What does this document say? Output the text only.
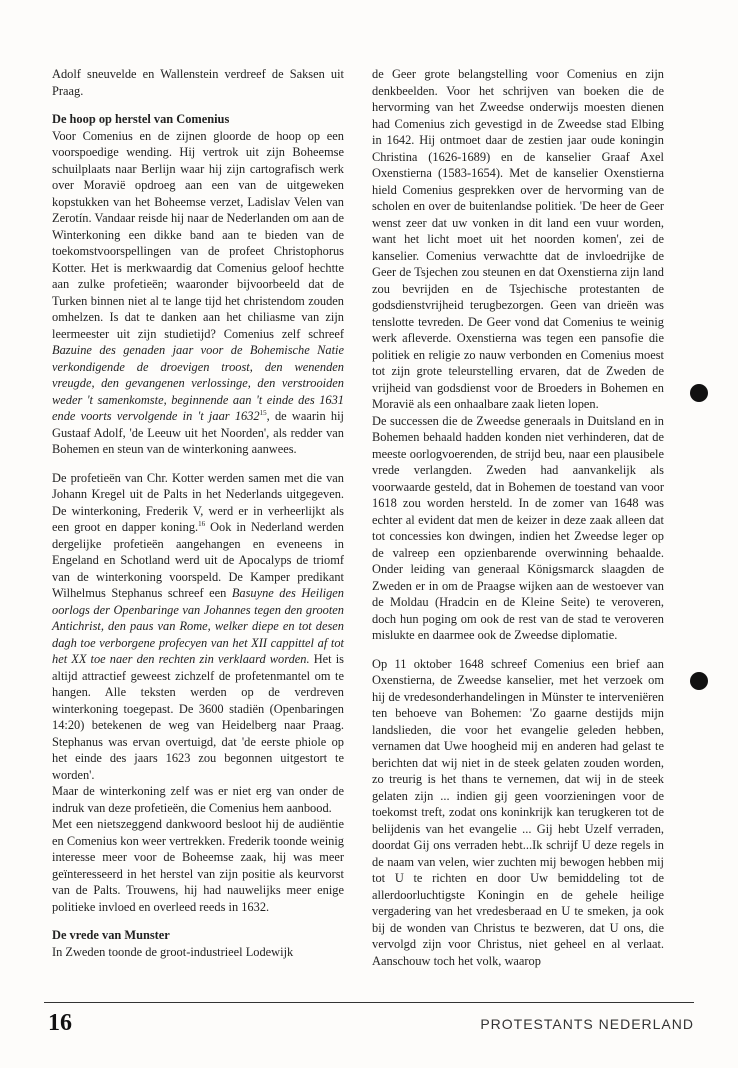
Adolf sneuvelde en Wallenstein verdreef de Saksen uit Praag.

De hoop op herstel van Comenius

Voor Comenius en de zijnen gloorde de hoop op een voorspoedige wending. Hij vertrok uit zijn Boheemse schuilplaats naar Berlijn waar hij zijn cartografisch werk over Moravië opdroeg aan een van de uitgeweken kopstukken van het Boheemse verzet, Ladislav Velen van Zerotín. Vandaar reisde hij naar de Nederlanden om aan de Winterkoning een dikke band aan te bieden van de toekomstvoorspellingen van de profeet Christophorus Kotter. Het is merkwaardig dat Comenius geloof hechtte aan zulke profetieën; waaronder bijvoorbeeld dat de Turken binnen niet al te lange tijd het christendom zouden omhelzen. Is dat te danken aan het chiliasme van zijn leermeester uit zijn studietijd? Comenius zelf schreef Bazuine des genaden jaar voor de Bohemische Natie verkondigende de droevigen troost, den wenenden vreugde, den gevangenen verlossinge, den verstrooiden weder 't samenkomste, beginnende aan 't einde des 1631 ende voorts vervolgende in 't jaar 1632$^{15}$, de waarin hij Gustaaf Adolf, 'de Leeuw uit het Noorden', als redder van Bohemen en steun van de winterkoning aanwees.

De profetieën van Chr. Kotter werden samen met die van Johann Kregel uit de Palts in het Nederlands uitgegeven. De winterkoning, Frederik V, werd er in verheerlijkt als een groot en dapper koning.$^{16}$ Ook in Nederland werden dergelijke profetieën aangehangen en eveneens in Engeland en Schotland werd uit de Apocalyps de triomf van de winterkoning voorspeld. De Kamper predikant Wilhelmus Stephanus schreef een Basuyne des Heiligen oorlogs der Openbaringe van Johannes tegen den grooten Antichrist, den paus van Rome, welker diepe en tot desen dagh toe verborgene profecyen van het XII cappittel af tot het XX toe naer den rechten zin verklaard worden. Het is altijd attractief geweest zichzelf de profetenmantel om te hangen. Alle teksten werden op de verdreven winterkoning toegepast. De 3600 stadiën (Openbaringen 14:20) betekenen de weg van Heidelberg naar Praag. Stephanus was ervan overtuigd, dat 'de eerste phiole op het einde des jaars 1623 zou begonnen uitgestort te worden'.

Maar de winterkoning zelf was er niet erg van onder de indruk van deze profetieën, die Comenius hem aanbood.

Met een nietszeggend dankwoord besloot hij de audiëntie en Comenius kon weer vertrekken. Frederik toonde weinig interesse meer voor de Boheemse zaak, hij was meer geïnteresseerd in het herstel van zijn positie als keurvorst van de Palts. Trouwens, hij had nauwelijks meer enige politieke invloed en overleed reeds in 1632.

De vrede van Munster

In Zweden toonde de groot-industrieel Lodewijk

de Geer grote belangstelling voor Comenius en zijn denkbeelden. Voor het schrijven van boeken die de hervorming van het Zweedse onderwijs moesten dienen had Comenius zich gevestigd in de Zweedse stad Elbing in 1642. Hij ontmoet daar de zestien jaar oude koningin Christina (1626-1689) en de kanselier Graaf Axel Oxenstierna (1583-1654). Met de kanselier Oxenstierna hield Comenius gesprekken over de hervorming van de scholen en over de buitenlandse politiek. 'De heer de Geer wenst zeer dat uw vonken in dit land een vuur worden, want het licht moet uit het noorden komen', zei de kanselier. Comenius verwachtte dat de invloedrijke de Geer de Tsjechen zou steunen en dat Oxenstierna zijn land zou bevrijden en de Tsjechische protestanten de godsdienstvrijheid terugbezorgen. Geen van drieën was tenslotte tevreden. De Geer vond dat Comenius te weinig werk afleverde. Oxenstierna was tegen een pansofie die politiek en religie zo nauw verbonden en Comenius moest tot zijn grote teleurstelling ervaren, dat de Zweden de vrijheid van godsdienst voor de Broeders in Bohemen en Moravië als een onhaalbare zaak lieten lopen.

De successen die de Zweedse generaals in Duitsland en in Bohemen behaald hadden konden niet verhinderen, dat de meeste oorlogvoerenden, de strijd beu, naar een plausibele vrede verlangden. Zweden had aanvankelijk als voorwaarde gesteld, dat in Bohemen de toestand van voor 1618 zou worden hersteld. In de zomer van 1648 was echter al evident dat men de keizer in deze zaak alleen dat tot concessies kon dwingen, indien het Zweedse leger op de valreep een opzienbarende overwinning behaalde. Onder leiding van generaal Königsmarck slaagden de Zweden er in om de Praagse wijken aan de westoever van de Moldau (Hradcin en de Kleine Seite) te veroveren, doch hun poging om ook de rest van de stad te veroveren mislukte en daarmee ook de Zweedse diplomatie.

Op 11 oktober 1648 schreef Comenius een brief aan Oxenstierna, de Zweedse kanselier, met het verzoek om hij de vredesonderhandelingen in Münster te interveniëren ten behoeve van Bohemen: 'Zo gaarne destijds mijn landslieden, die voor het evangelie geleden hebben, vernamen dat Uwe hoogheid mij en anderen had gelast te berichten dat wij niet in de steek gelaten zouden worden, zo treurig is het thans te vernemen, dat wij in de steek gelaten zijn ... indien gij geen voorzieningen voor de toekomst treft, zodat ons koninkrijk kan terugkeren tot de belijdenis van het evangelie ... Gij hebt Uzelf verraden, doordat Gij ons verraden hebt...Ik schrijf U deze regels in de naam van velen, wier zuchten mij bewogen hebben mij tot U te richten en door Uw bemiddeling tot de allerdoorluchtigste Koningin en de gehele heilige vergadering van het vredesberaad en U te smeken, ja ook bij de wonden van Christus te bezweren, dat U ons, die vervolgd zijn voor Christus, niet geheel en al verlaat. Aanschouw toch het volk, waarop

16	PROTESTANTS NEDERLAND
